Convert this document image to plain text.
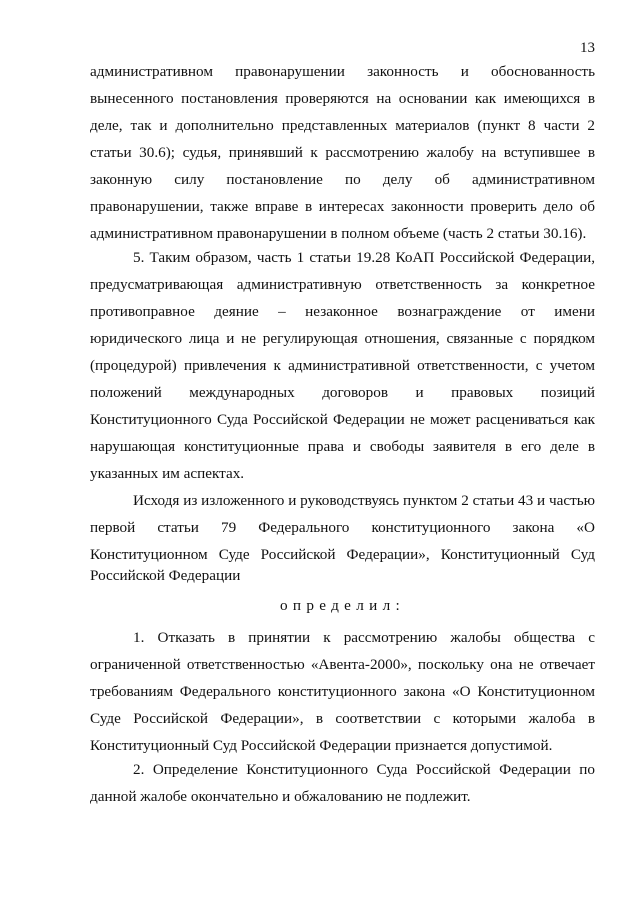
13
административном правонарушении законность и обоснованность
вынесенного постановления проверяются на основании как имеющихся в
деле, так и дополнительно представленных материалов (пункт 8 части 2
статьи 30.6); судья, принявший к рассмотрению жалобу на вступившее в
законную силу постановление по делу об административном
правонарушении, также вправе в интересах законности проверить дело об
административном правонарушении в полном объеме (часть 2 статьи 30.16).
5. Таким образом, часть 1 статьи 19.28 КоАП Российской Федерации,
предусматривающая административную ответственность за конкретное
противоправное деяние – незаконное вознаграждение от имени
юридического лица и не регулирующая отношения, связанные с порядком
(процедурой) привлечения к административной ответственности, с учетом
положений международных договоров и правовых позиций
Конституционного Суда Российской Федерации не может расцениваться как
нарушающая конституционные права и свободы заявителя в его деле в
указанных им аспектах.
Исходя из изложенного и руководствуясь пунктом 2 статьи 43 и частью
первой статьи 79 Федерального конституционного закона «О
Конституционном Суде Российской Федерации», Конституционный Суд
Российской Федерации
определил:
1. Отказать в принятии к рассмотрению жалобы общества с
ограниченной ответственностью «Авента-2000», поскольку она не отвечает
требованиям Федерального конституционного закона «О Конституционном
Суде Российской Федерации», в соответствии с которыми жалоба в
Конституционный Суд Российской Федерации признается допустимой.
2. Определение Конституционного Суда Российской Федерации по
данной жалобе окончательно и обжалованию не подлежит.
